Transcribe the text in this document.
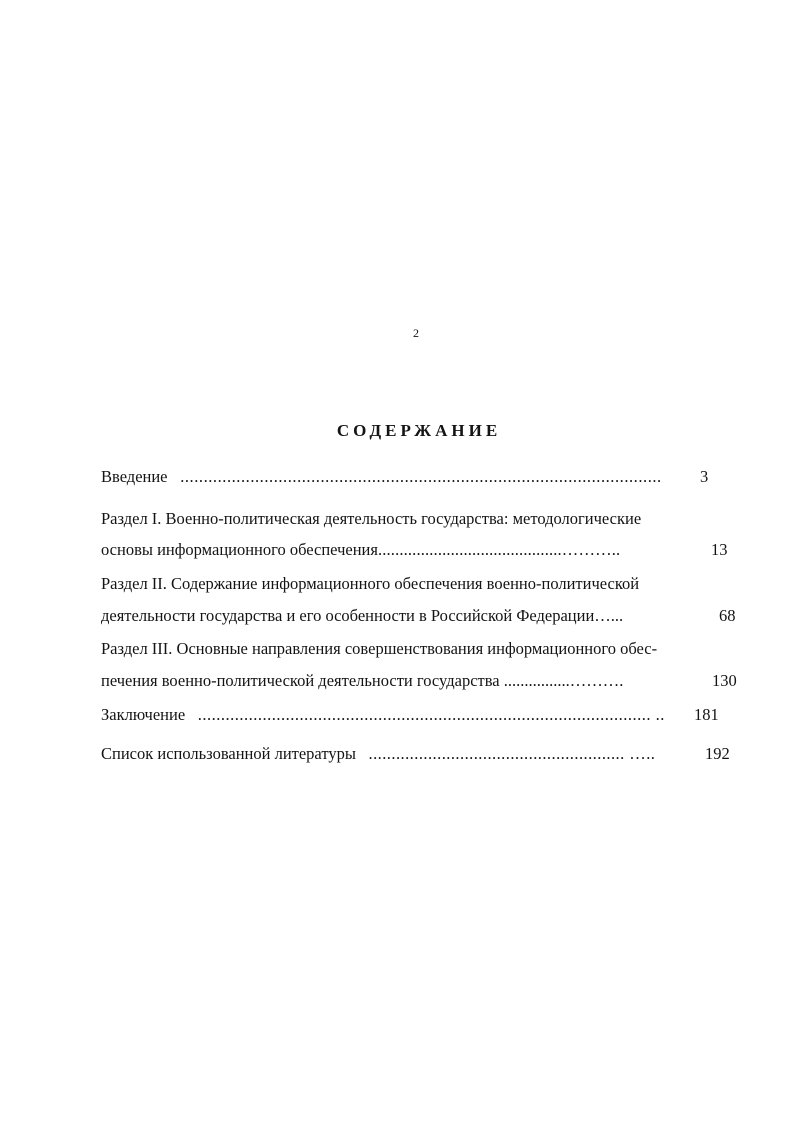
2
СОДЕРЖАНИЕ
Введение ....................................................................................................... 3
Раздел I. Военно-политическая деятельность государства: методологические
основы информационного обеспечения...........................................………..	13
Раздел II. Содержание информационного обеспечения военно-политической
деятельности государства и его особенности в Российской Федерации…...	68
Раздел III. Основные направления совершенствования информационного обес-
печения военно-политической деятельности государства ................……….	130
Заключение .................................................................................................. .. 181
Список использованной литературы ........................................................ …..	192
